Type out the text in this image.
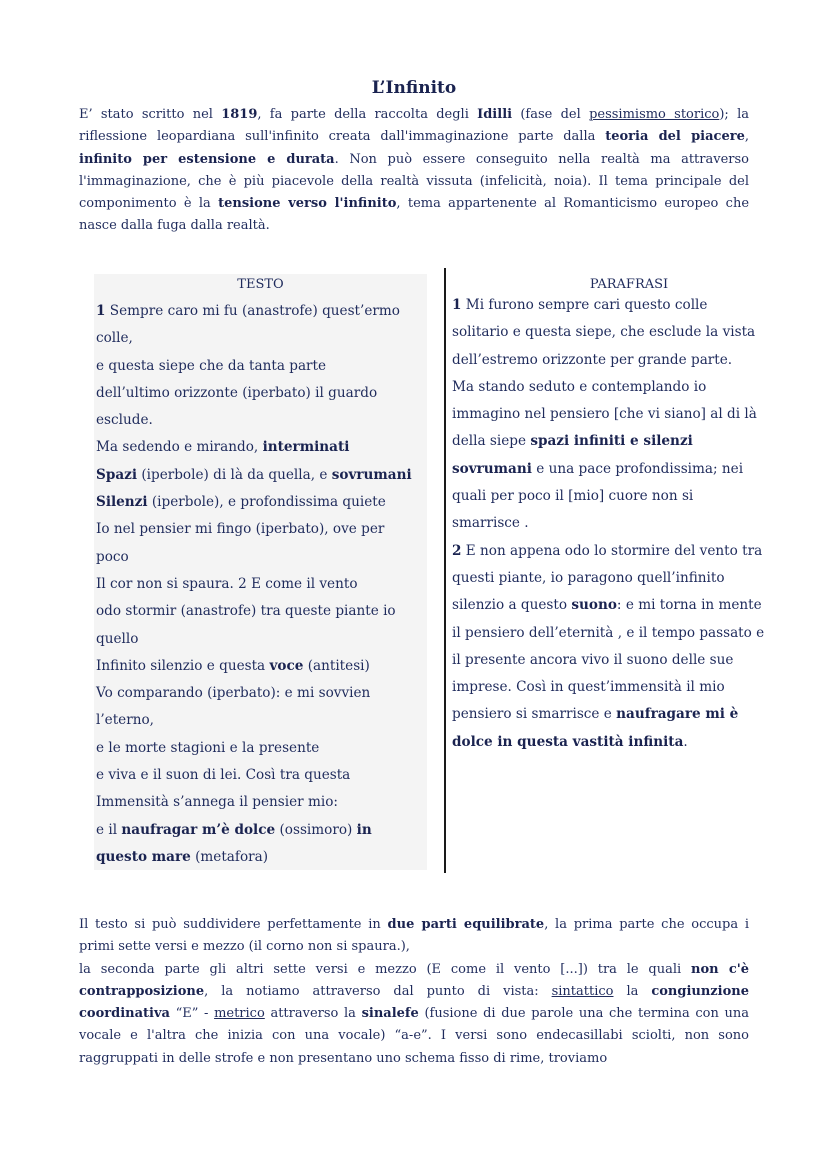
L’Infinito
E’ stato scritto nel 1819, fa parte della raccolta degli Idilli (fase del pessimismo storico); la riflessione leopardiana sull'infinito creata dall'immaginazione parte dalla teoria del piacere, infinito per estensione e durata. Non può essere conseguito nella realtà ma attraverso l'immaginazione, che è più piacevole della realtà vissuta (infelicità, noia). Il tema principale del componimento è la tensione verso l'infinito, tema appartenente al Romanticismo europeo che nasce dalla fuga dalla realtà.
TESTO
1 Sempre caro mi fu (anastrofe) quest’ermo
colle,
e questa siepe che da tanta parte
dell’ultimo orizzonte (iperbato) il guardo
esclude.
Ma sedendo e mirando, interminati
Spazi (iperbole) di là da quella, e sovrumani
Silenzi (iperbole), e profondissima quiete
Io nel pensier mi fingo (iperbato), ove per
poco
Il cor non si spaura. 2 E come il vento
odo stormir (anastrofe) tra queste piante io
quello
Infinito silenzio e questa voce (antitesi)
Vo comparando (iperbato): e mi sovvien
l’eterno,
e le morte stagioni e la presente
e viva e il suon di lei. Così tra questa
Immensità s’annega il pensier mio:
e il naufragar m’è dolce (ossimoro) in
questo mare (metafora)
PARAFRASI
1 Mi furono sempre cari questo colle
solitario e questa siepe, che esclude la vista
dell’estremo orizzonte per grande parte.
Ma stando seduto e contemplando io
immagino nel pensiero [che vi siano] al di là
della siepe spazi infiniti e silenzi
sovrumani e una pace profondissima; nei
quali per poco il [mio] cuore non si
smarrisce .
2 E non appena odo lo stormire del vento tra
questi piante, io paragono quell’infinito
silenzio a questo suono: e mi torna in mente
il pensiero dell’eternità , e il tempo passato e
il presente ancora vivo il suono delle sue
imprese. Così in quest’immensità il mio
pensiero si smarrisce e naufragare mi è
dolce in questa vastità infinita.
Il testo si può suddividere perfettamente in due parti equilibrate, la prima parte che occupa i primi sette versi e mezzo (il corno non si spaura.),
la seconda parte gli altri sette versi e mezzo (E come il vento [...]) tra le quali non c'è contrapposizione, la notiamo attraverso dal punto di vista: sintattico la congiunzione coordinativa “E” - metrico attraverso la sinalefe (fusione di due parole una che termina con una vocale e l'altra che inizia con una vocale) “a-e”. I versi sono endecasillabi sciolti, non sono raggruppati in delle strofe e non presentano uno schema fisso di rime, troviamo
